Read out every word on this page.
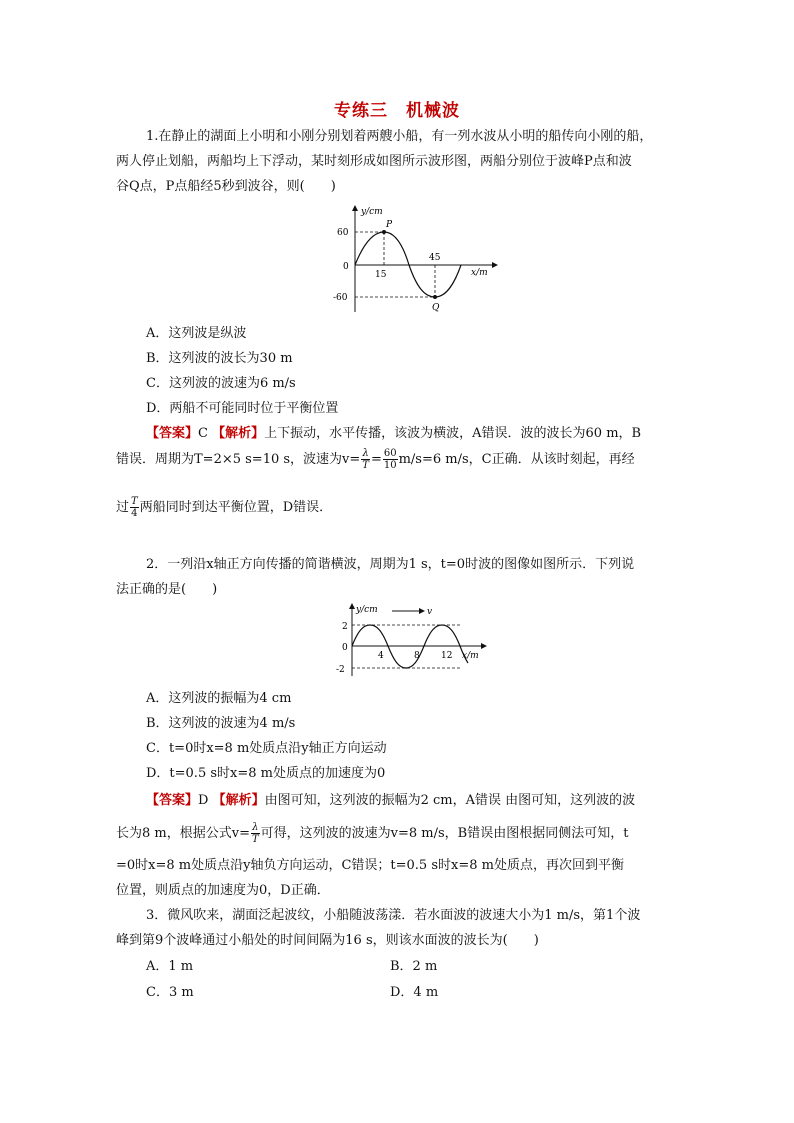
专练三　机械波
1.在静止的湖面上小明和小刚分别划着两艘小船，有一列水波从小明的船传向小刚的船，
两人停止划船，两船均上下浮动，某时刻形成如图所示波形图，两船分别位于波峰P点和波
谷Q点，P点船经5秒到波谷，则(　　)
y/cm
x/m
60
0
-60
15
45
P
Q
A．这列波是纵波
B．这列波的波长为30 m
C．这列波的波速为6 m/s
D．两船不可能同时位于平衡位置
【答案】C 【解析】上下振动，水平传播，该波为横波，A错误．波的波长为60 m，B
错误．周期为T=2×5 s=10 s，波速为$v= \frac{\lambda}{T} = \frac{60}{10} m/s=6$ m/s，C正确．从该时刻起，再经
过 $\frac{T}{4}$ 两船同时到达平衡位置，D错误．
2．一列沿x轴正方向传播的简谐横波，周期为1 s，t=0时波的图像如图所示．下列说
法正确的是(　　)
v
y/cm
x/m
2
0
-2
4	8 12
A．这列波的振幅为4 cm
B．这列波的波速为4 m/s
C．t=0时x=8 m处质点沿y轴正方向运动
D．t=0.5 s时x=8 m处质点的加速度为0
【答案】D 【解析】由图可知，这列波的振幅为2 cm，A错误 由图可知，这列波的波
长为8 m，根据公式$v= \frac{\lambda}{T}$ 可得，这列波的波速为v=8 m/s，B错误由图根据同侧法可知，t
=0时x=8 m处质点沿y轴负方向运动，C错误；t=0.5 s时x=8 m处质点，再次回到平衡
位置，则质点的加速度为0，D正确．
3．微风吹来，湖面泛起波纹，小船随波荡漾．若水面波的波速大小为1 m/s，第1个波
峰到第9个波峰通过小船处的时间间隔为16 s，则该水面波的波长为(　　)
A．1 m	B．2 m
C．3 m	D．4 m
